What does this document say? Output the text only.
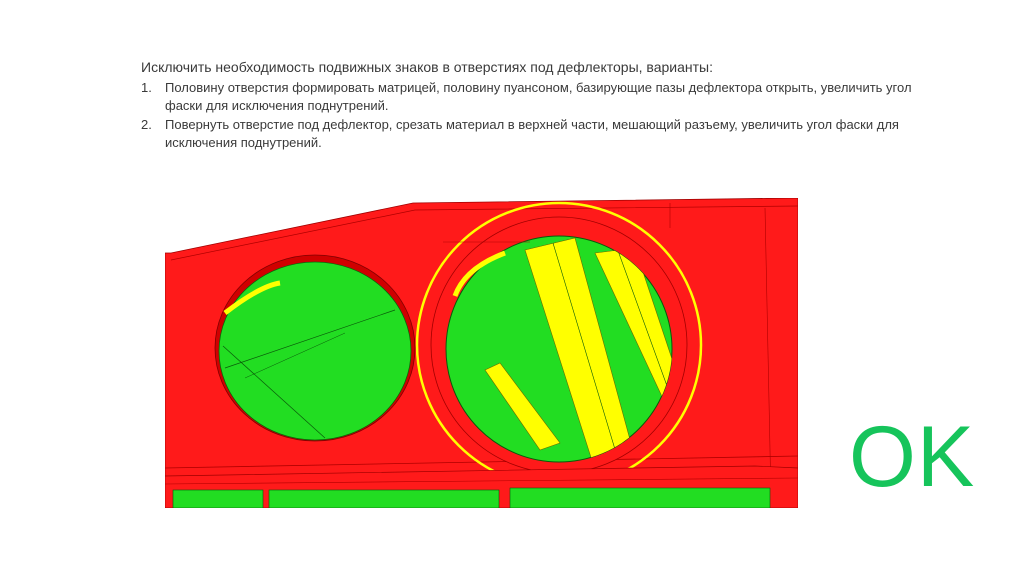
Исключить необходимость подвижных знаков в отверстиях под дефлекторы, варианты:

1. Половину отверстия формировать матрицей, половину пуансоном, базирующие пазы дефлектора открыть, увеличить угол фаски для исключения поднутрений.
2. Повернуть отверстие под дефлектор, срезать материал в верхней части, мешающий разъему, увеличить угол фаски для исключения поднутрений.
OK
